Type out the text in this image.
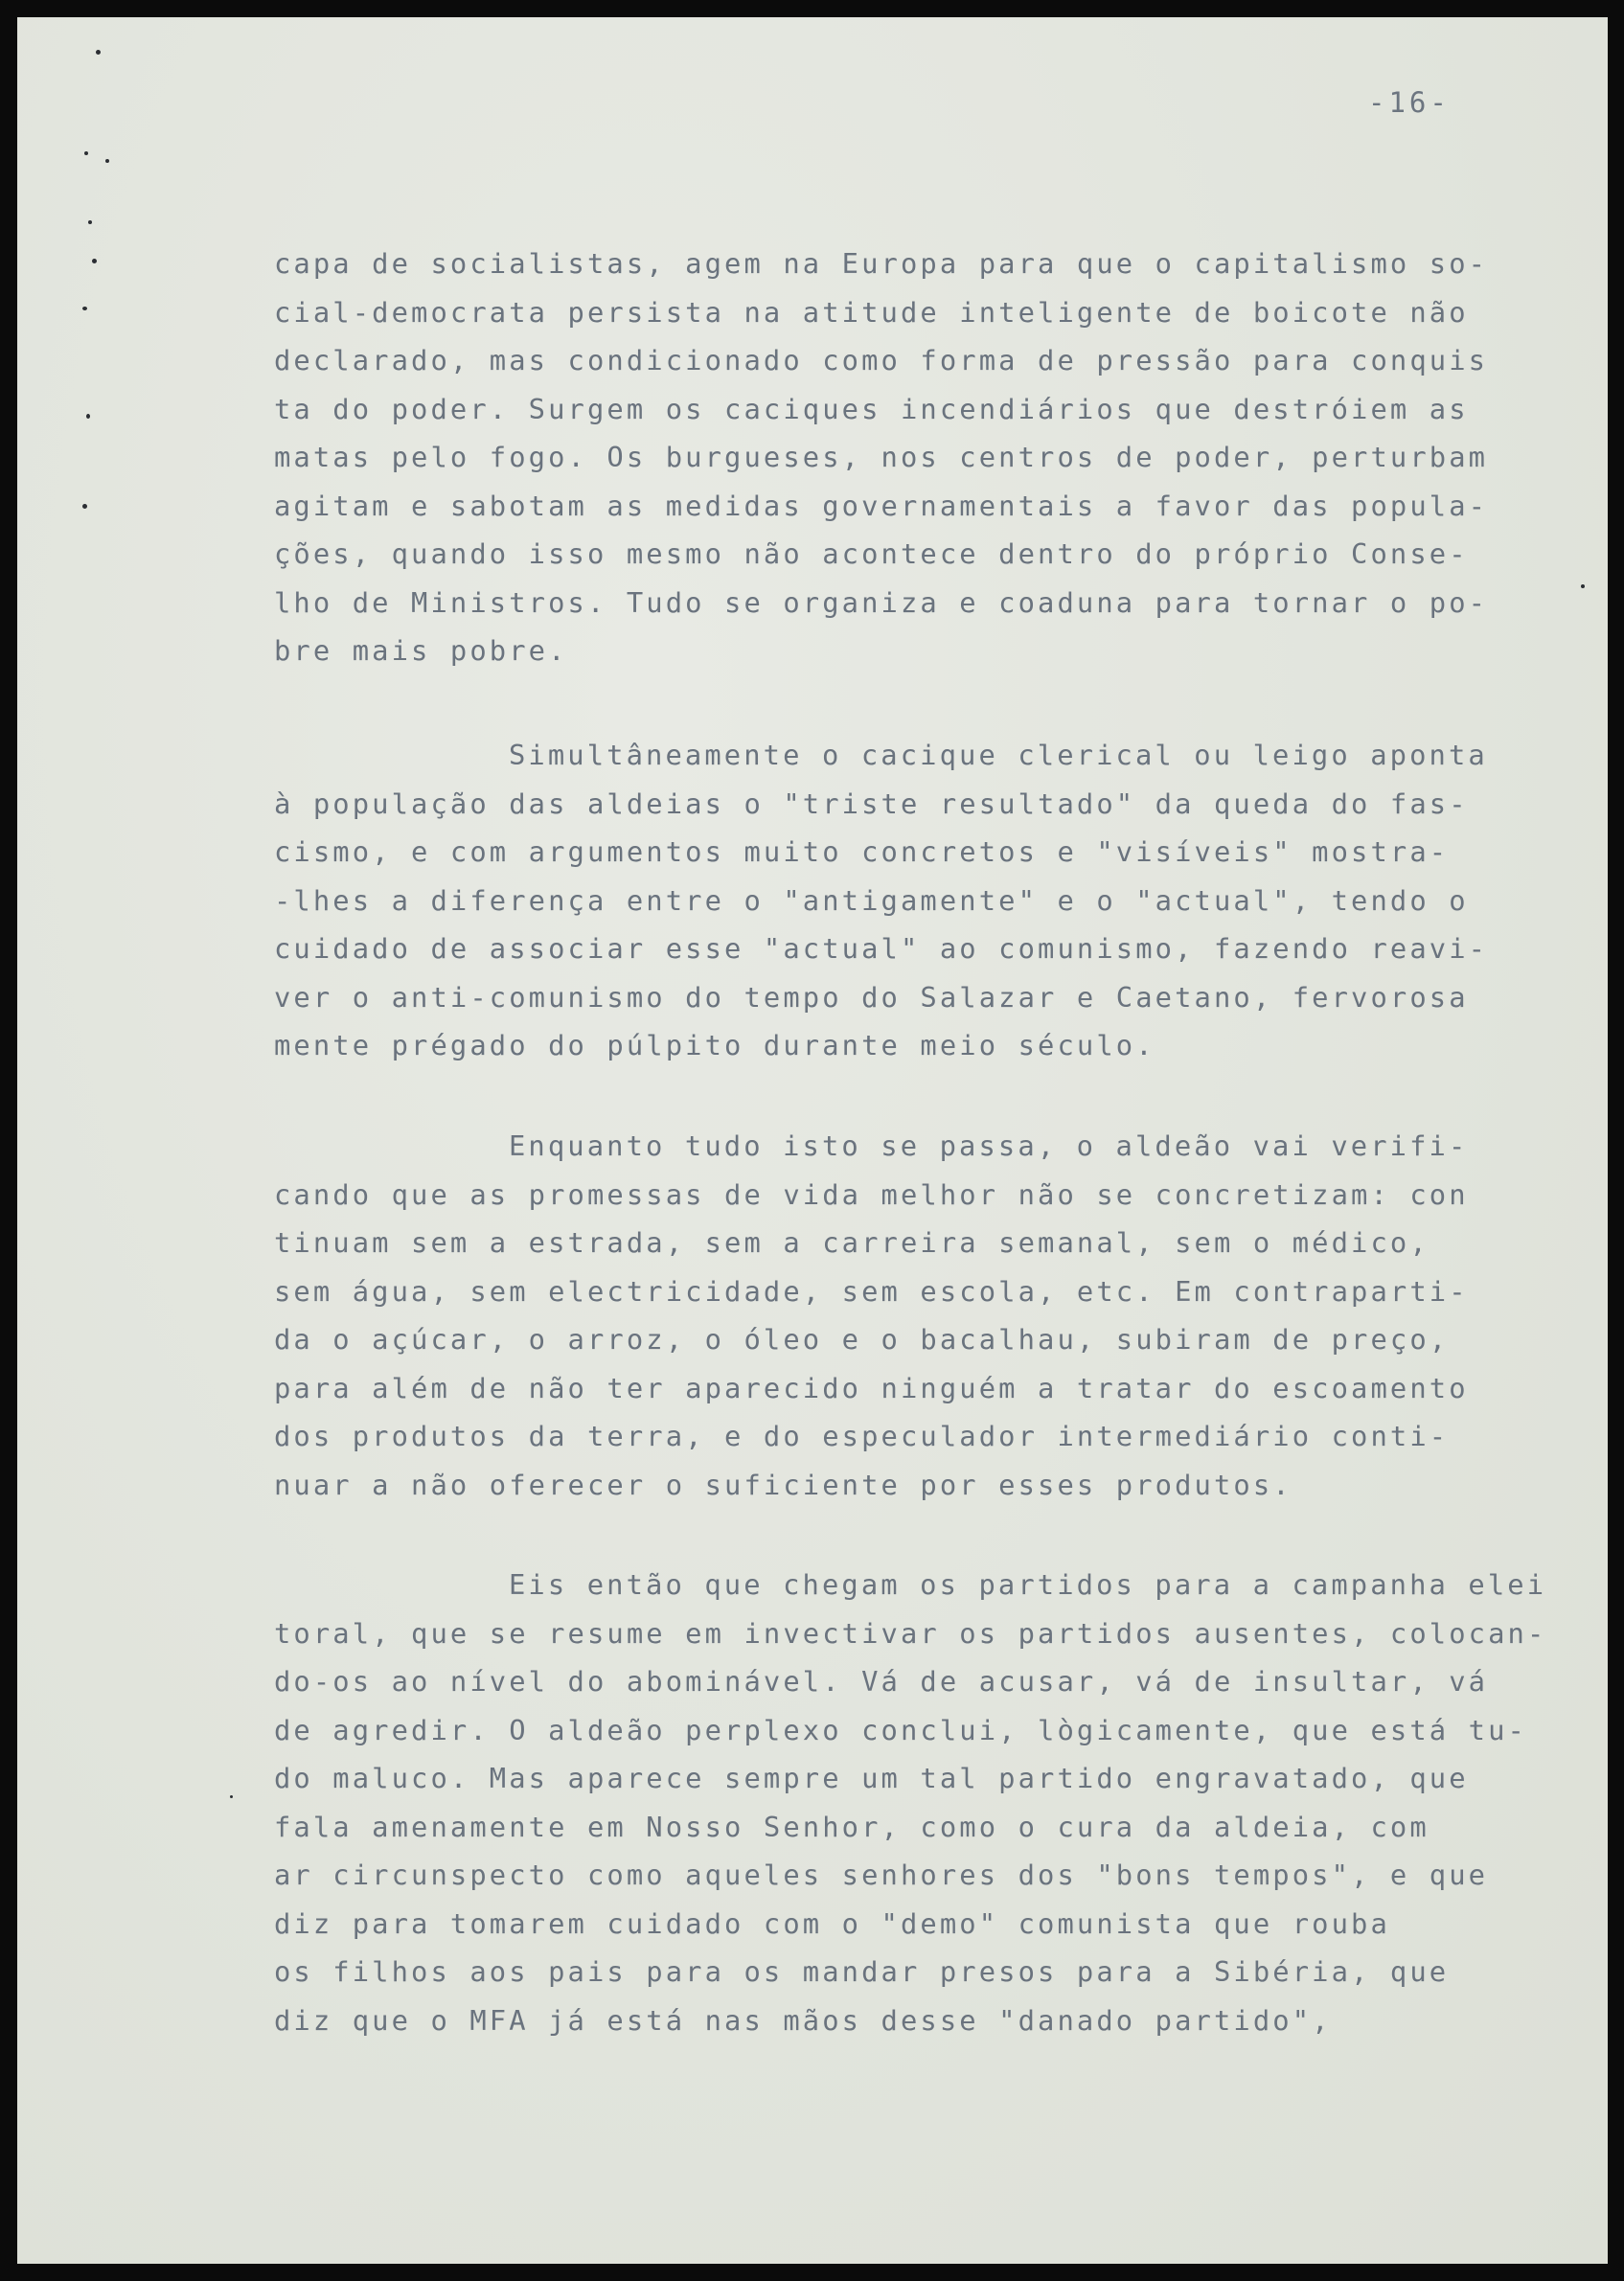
-16-
capa de socialistas, agem na Europa para que o capitalismo so-
cial-democrata persista na atitude inteligente de boicote não
declarado, mas condicionado como forma de pressão para conquis
ta do poder. Surgem os caciques incendiários que destróiem as
matas pelo fogo. Os burgueses, nos centros de poder, perturbam
agitam e sabotam as medidas governamentais a favor das popula-
ções, quando isso mesmo não acontece dentro do próprio Conse-
lho de Ministros. Tudo se organiza e coaduna para tornar o po-
bre mais pobre.
Simultâneamente o cacique clerical ou leigo aponta
à população das aldeias o "triste resultado" da queda do fas-
cismo, e com argumentos muito concretos e "visíveis" mostra-
-lhes a diferença entre o "antigamente" e o "actual", tendo o
cuidado de associar esse "actual" ao comunismo, fazendo reavi-
ver o anti-comunismo do tempo do Salazar e Caetano, fervorosa
mente prégado do púlpito durante meio século.
Enquanto tudo isto se passa, o aldeão vai verifi-
cando que as promessas de vida melhor não se concretizam: con
tinuam sem a estrada, sem a carreira semanal, sem o médico,
sem água, sem electricidade, sem escola, etc. Em contraparti-
da o açúcar, o arroz, o óleo e o bacalhau, subiram de preço,
para além de não ter aparecido ninguém a tratar do escoamento
dos produtos da terra, e do especulador intermediário conti-
nuar a não oferecer o suficiente por esses produtos.
Eis então que chegam os partidos para a campanha elei
toral, que se resume em invectivar os partidos ausentes, colocan-
do-os ao nível do abominável. Vá de acusar, vá de insultar, vá
de agredir. O aldeão perplexo conclui, lògicamente, que está tu-
do maluco. Mas aparece sempre um tal partido engravatado, que
fala amenamente em Nosso Senhor, como o cura da aldeia, com
ar circunspecto como aqueles senhores dos "bons tempos", e que
diz para tomarem cuidado com o "demo" comunista que rouba
os filhos aos pais para os mandar presos para a Sibéria, que
diz que o MFA já está nas mãos desse "danado partido",
